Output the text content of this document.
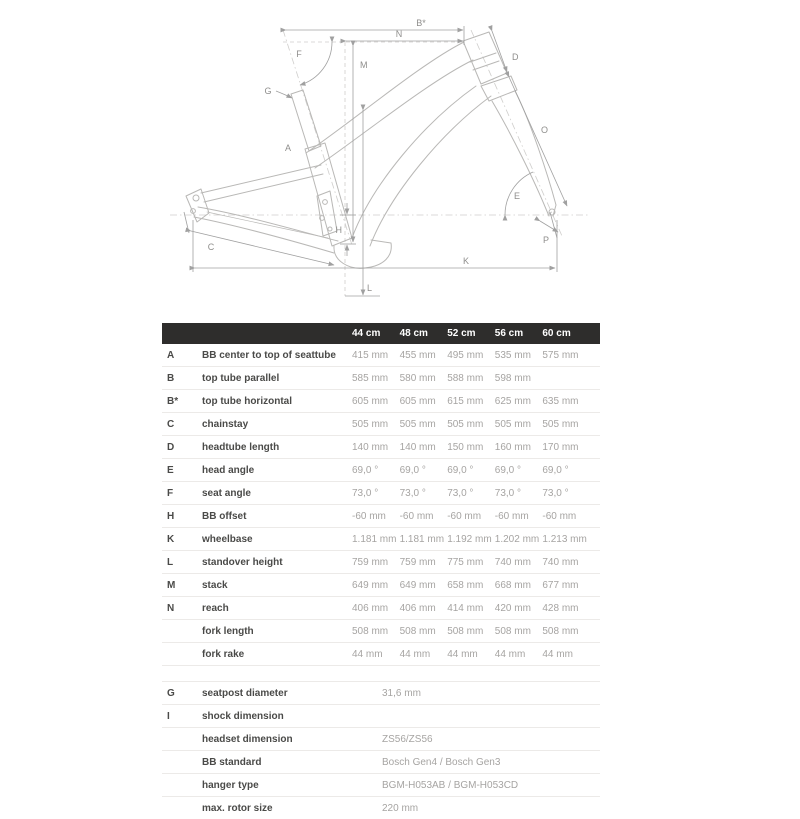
B*
N
F
M
G
A
D
O
E
P
C
H
K
L
44 cm	48 cm	52 cm	56 cm	60 cm
A	BB center to top of seattube	415 mm	455 mm	495 mm	535 mm	575 mm
B	top tube parallel	585 mm	580 mm	588 mm	598 mm
B*	top tube horizontal	605 mm	605 mm	615 mm	625 mm	635 mm
C	chainstay	505 mm	505 mm	505 mm	505 mm	505 mm
D	headtube length	140 mm	140 mm	150 mm	160 mm	170 mm
E	head angle	69,0 °	69,0 °	69,0 °	69,0 °	69,0 °
F	seat angle	73,0 °	73,0 °	73,0 °	73,0 °	73,0 °
H	BB offset	-60 mm	-60 mm	-60 mm	-60 mm	-60 mm
K	wheelbase	1.181 mm 1.181 mm 1.192 mm 1.202 mm 1.213 mm
L	standover height	759 mm	759 mm	775 mm	740 mm	740 mm
M	stack	649 mm	649 mm	658 mm	668 mm	677 mm
N	reach	406 mm	406 mm	414 mm	420 mm	428 mm
fork length	508 mm	508 mm	508 mm	508 mm	508 mm
fork rake	44 mm	44 mm	44 mm	44 mm	44 mm
G	seatpost diameter	31,6 mm
I	shock dimension
headset dimension	ZS56/ZS56
BB standard	Bosch Gen4 / Bosch Gen3
hanger type	BGM-H053AB / BGM-H053CD
max. rotor size	220 mm
